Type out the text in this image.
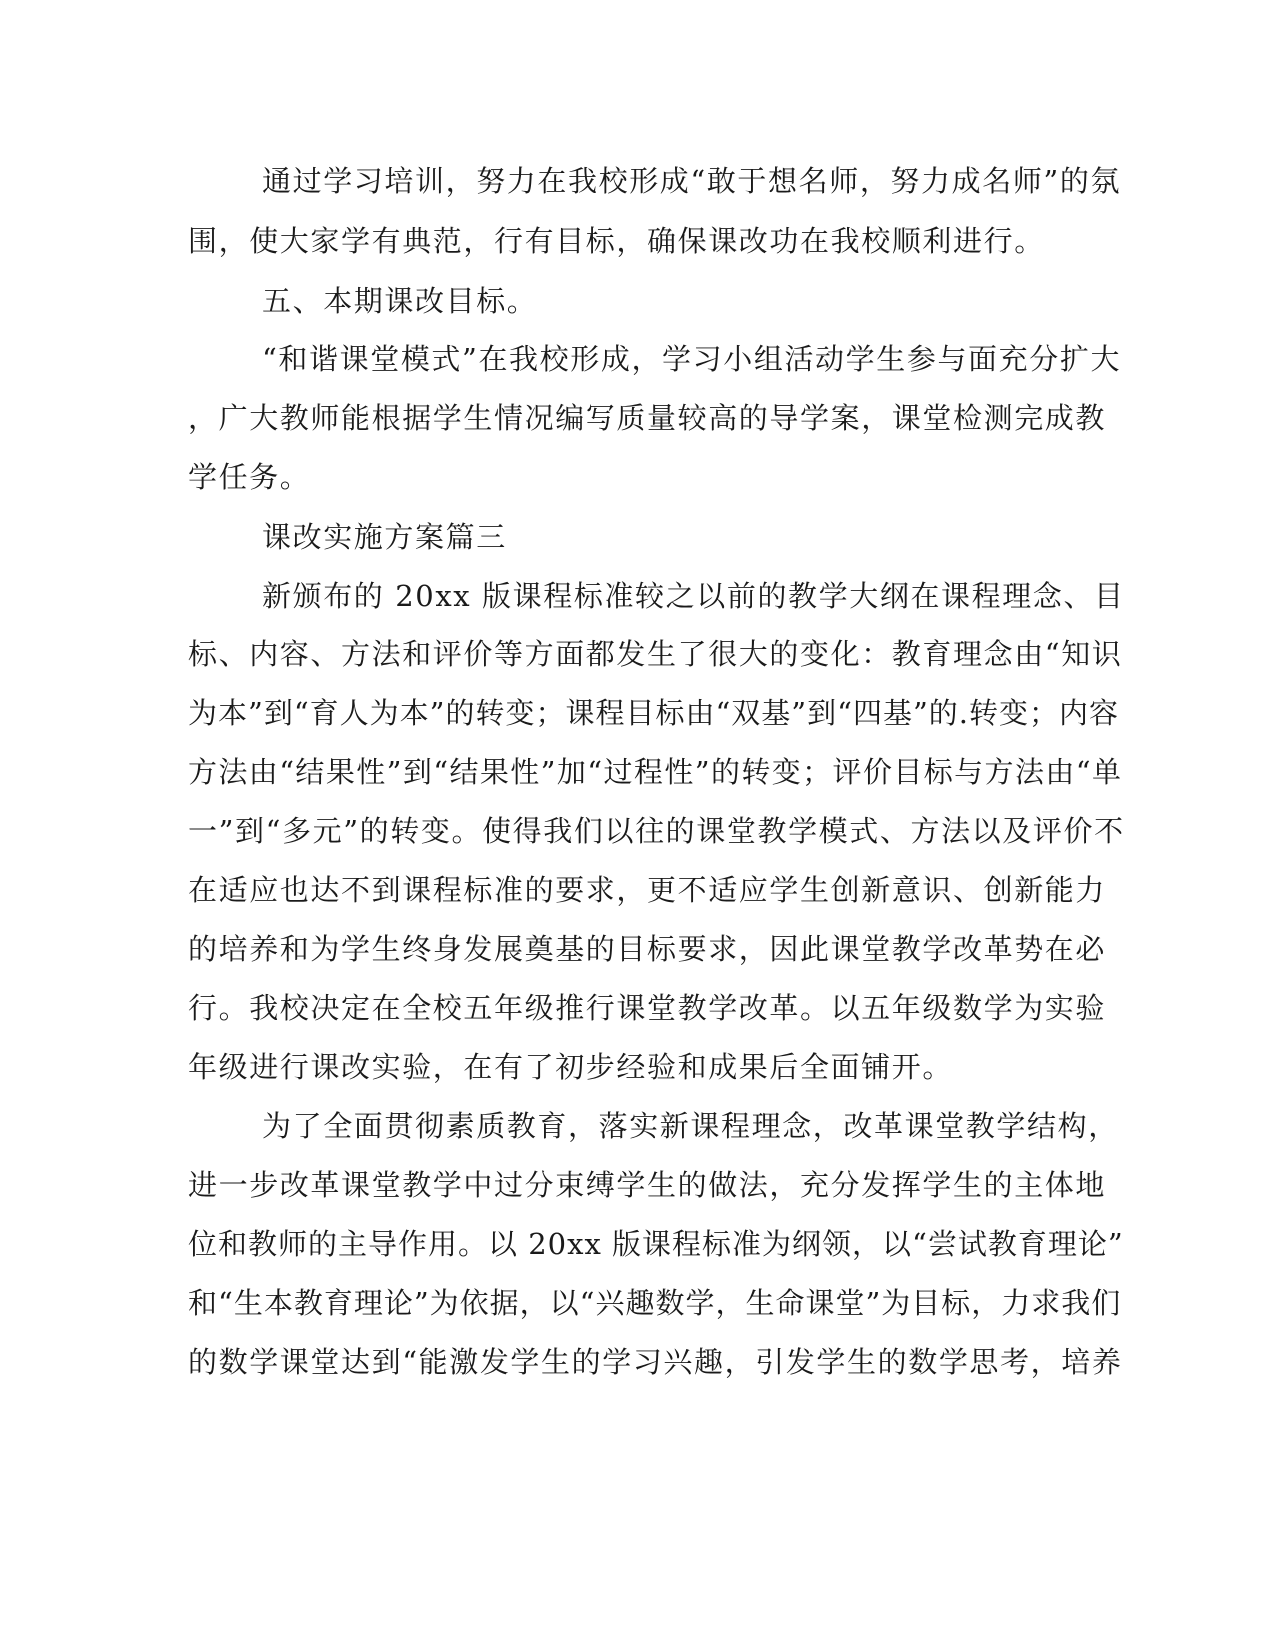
通过学习培训，努力在我校形成“敢于想名师，努力成名师”的氛

围，使大家学有典范，行有目标，确保课改功在我校顺利进行。

五、本期课改目标。

“和谐课堂模式”在我校形成，学习小组活动学生参与面充分扩大

，广大教师能根据学生情况编写质量较高的导学案，课堂检测完成教

学任务。

课改实施方案篇三

新颁布的 20xx 版课程标准较之以前的教学大纲在课程理念、目

标、内容、方法和评价等方面都发生了很大的变化：教育理念由“知识

为本”到“育人为本”的转变；课程目标由“双基”到“四基”的.转变；内容

方法由“结果性”到“结果性”加“过程性”的转变；评价目标与方法由“单

一”到“多元”的转变。使得我们以往的课堂教学模式、方法以及评价不

在适应也达不到课程标准的要求，更不适应学生创新意识、创新能力

的培养和为学生终身发展奠基的目标要求，因此课堂教学改革势在必

行。我校决定在全校五年级推行课堂教学改革。以五年级数学为实验

年级进行课改实验，在有了初步经验和成果后全面铺开。

为了全面贯彻素质教育，落实新课程理念，改革课堂教学结构，

进一步改革课堂教学中过分束缚学生的做法，充分发挥学生的主体地

位和教师的主导作用。以 20xx 版课程标准为纲领，以“尝试教育理论”

和“生本教育理论”为依据，以“兴趣数学，生命课堂”为目标，力求我们

的数学课堂达到“能激发学生的学习兴趣，引发学生的数学思考，培养
